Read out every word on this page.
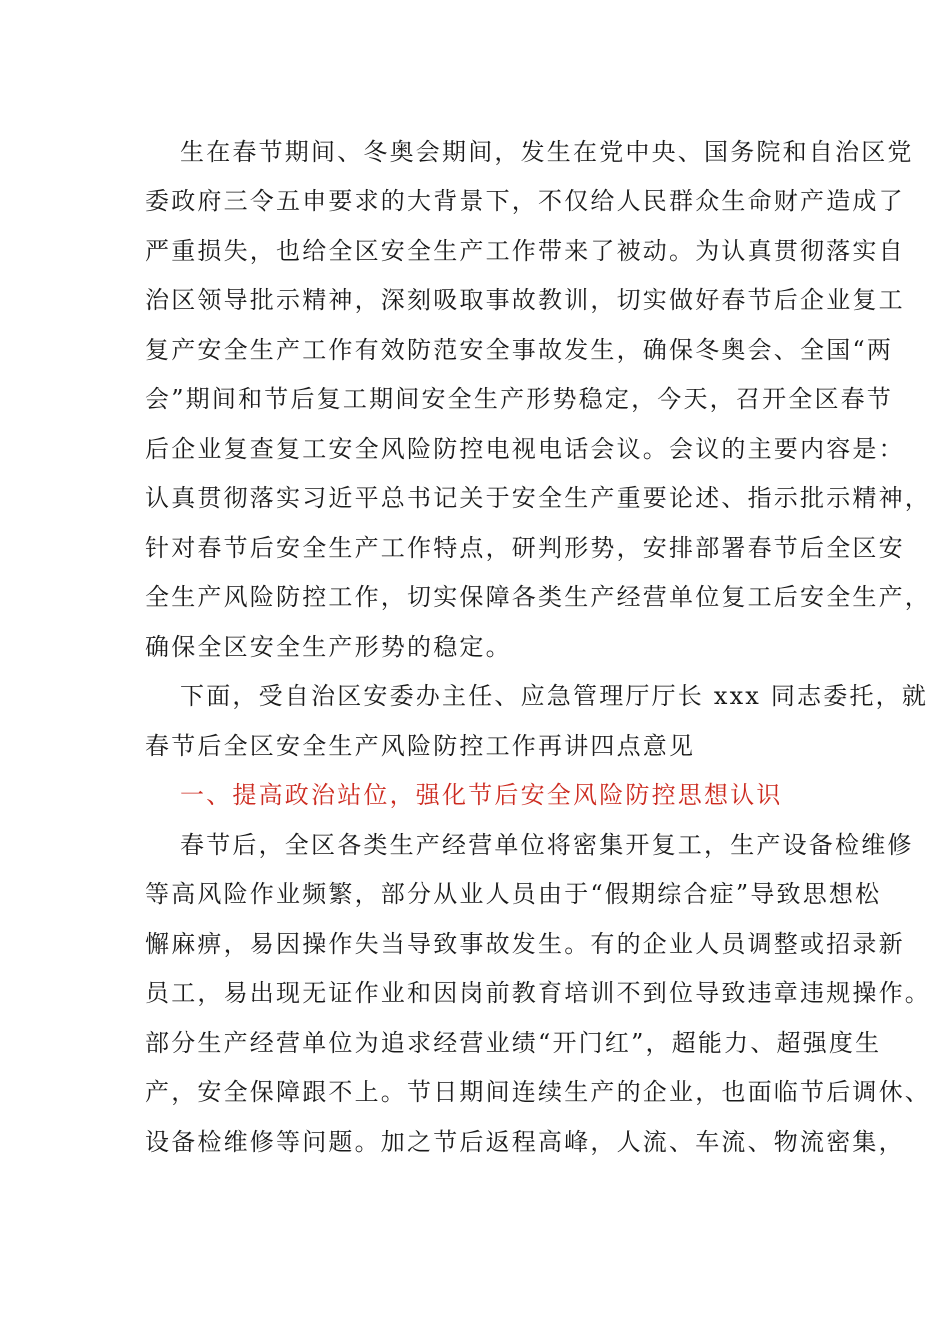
生在春节期间、冬奥会期间，发生在党中央、国务院和自治区党
委政府三令五申要求的大背景下，不仅给人民群众生命财产造成了
严重损失，也给全区安全生产工作带来了被动。为认真贯彻落实自
治区领导批示精神，深刻吸取事故教训，切实做好春节后企业复工
复产安全生产工作有效防范安全事故发生，确保冬奥会、全国“两
会”期间和节后复工期间安全生产形势稳定，今天，召开全区春节
后企业复查复工安全风险防控电视电话会议。会议的主要内容是：
认真贯彻落实习近平总书记关于安全生产重要论述、指示批示精神，
针对春节后安全生产工作特点，研判形势，安排部署春节后全区安
全生产风险防控工作，切实保障各类生产经营单位复工后安全生产，
确保全区安全生产形势的稳定。
下面，受自治区安委办主任、应急管理厅厅长 xxx 同志委托，就
春节后全区安全生产风险防控工作再讲四点意见
一、提高政治站位，强化节后安全风险防控思想认识
春节后，全区各类生产经营单位将密集开复工，生产设备检维修
等高风险作业频繁，部分从业人员由于“假期综合症”导致思想松
懈麻痹，易因操作失当导致事故发生。有的企业人员调整或招录新
员工，易出现无证作业和因岗前教育培训不到位导致违章违规操作。
部分生产经营单位为追求经营业绩“开门红”，超能力、超强度生
产，安全保障跟不上。节日期间连续生产的企业，也面临节后调休、
设备检维修等问题。加之节后返程高峰，人流、车流、物流密集，
